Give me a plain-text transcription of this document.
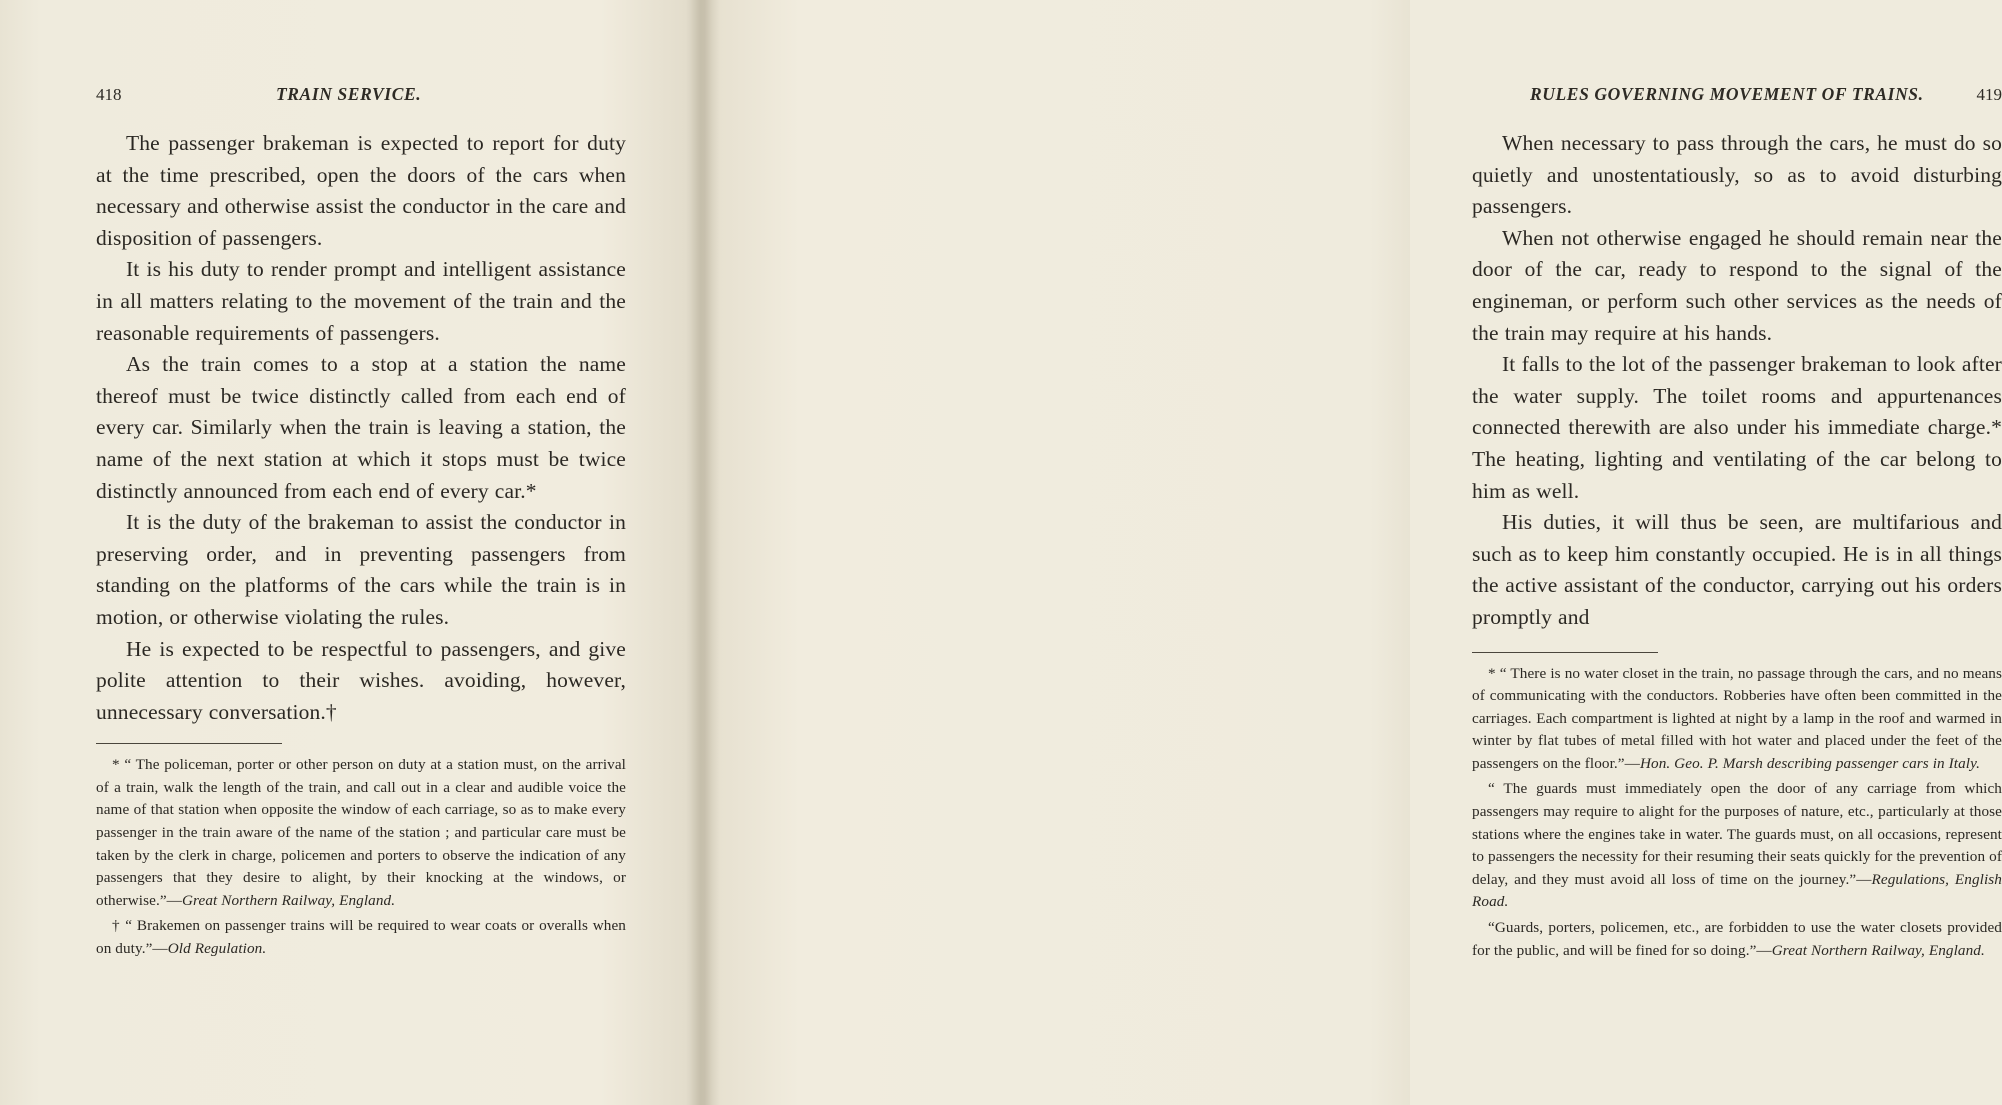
418	TRAIN SERVICE.

The passenger brakeman is expected to report for duty at the time prescribed, open the doors of the cars when necessary and otherwise assist the conductor in the care and disposition of passengers.

It is his duty to render prompt and intelligent assistance in all matters relating to the movement of the train and the reasonable requirements of passengers.

As the train comes to a stop at a station the name thereof must be twice distinctly called from each end of every car. Similarly when the train is leaving a station, the name of the next station at which it stops must be twice distinctly announced from each end of every car.*

It is the duty of the brakeman to assist the conductor in preserving order, and in preventing passengers from standing on the platforms of the cars while the train is in motion, or otherwise violating the rules.

He is expected to be respectful to passengers, and give polite attention to their wishes. avoiding, however, unnecessary conversation.†

* “ The policeman, porter or other person on duty at a station must, on the arrival of a train, walk the length of the train, and call out in a clear and audible voice the name of that station when opposite the window of each carriage, so as to make every passenger in the train aware of the name of the station ; and particular care must be taken by the clerk in charge, policemen and porters to observe the indication of any passengers that they desire to alight, by their knocking at the windows, or otherwise.”—Great Northern Railway, England.

† “ Brakemen on passenger trains will be required to wear coats or overalls when on duty.”—Old Regulation.

RULES GOVERNING MOVEMENT OF TRAINS.	419

When necessary to pass through the cars, he must do so quietly and unostentatiously, so as to avoid disturbing passengers.

When not otherwise engaged he should remain near the door of the car, ready to respond to the signal of the engineman, or perform such other services as the needs of the train may require at his hands.

It falls to the lot of the passenger brakeman to look after the water supply. The toilet rooms and appurtenances connected therewith are also under his immediate charge.* The heating, lighting and ventilating of the car belong to him as well.

His duties, it will thus be seen, are multifarious and such as to keep him constantly occupied. He is in all things the active assistant of the conductor, carrying out his orders promptly and

* “ There is no water closet in the train, no passage through the cars, and no means of communicating with the conductors. Robberies have often been committed in the carriages. Each compartment is lighted at night by a lamp in the roof and warmed in winter by flat tubes of metal filled with hot water and placed under the feet of the passengers on the floor.”—Hon. Geo. P. Marsh describing passenger cars in Italy.

“ The guards must immediately open the door of any carriage from which passengers may require to alight for the purposes of nature, etc., particularly at those stations where the engines take in water. The guards must, on all occasions, represent to passengers the necessity for their resuming their seats quickly for the prevention of delay, and they must avoid all loss of time on the journey.”—Regulations, English Road.

“Guards, porters, policemen, etc., are forbidden to use the water closets provided for the public, and will be fined for so doing.”—Great Northern Railway, England.
